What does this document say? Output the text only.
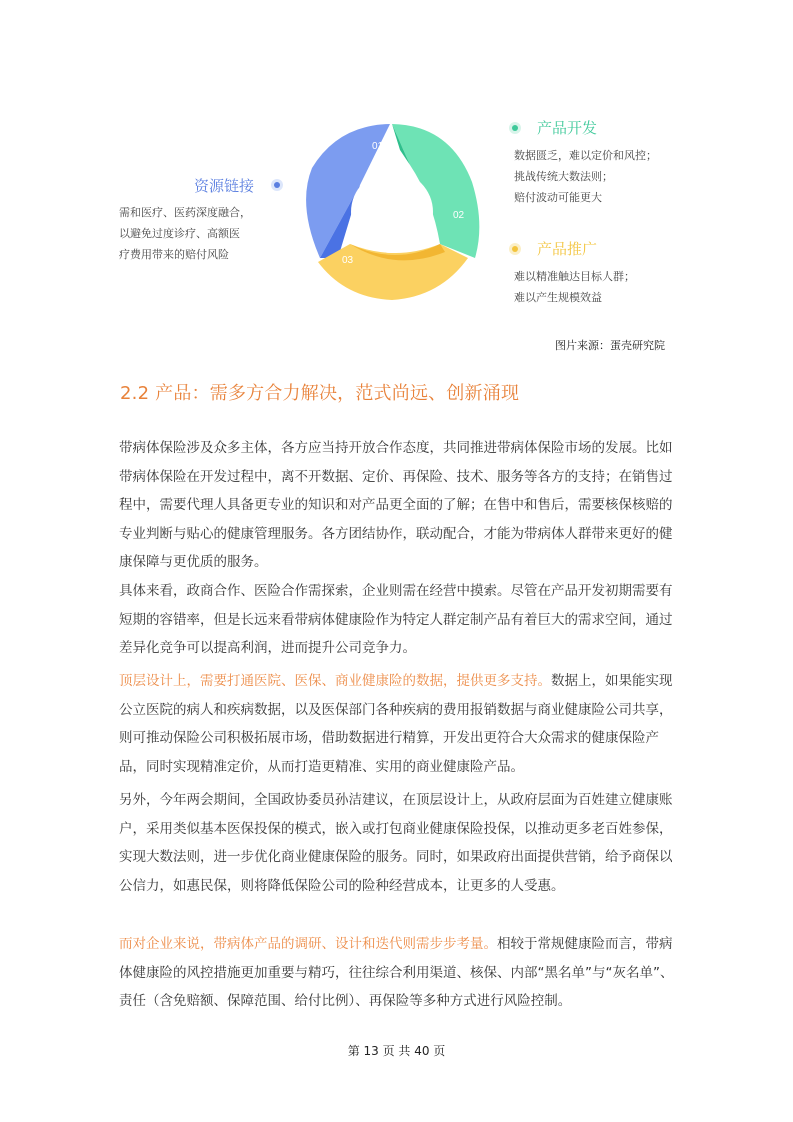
01
02
03
资源链接
需和医疗、医药深度融合，
以避免过度诊疗、高额医
疗费用带来的赔付风险
产品开发
数据匮乏，难以定价和风控；
挑战传统大数法则；
赔付波动可能更大
产品推广
难以精准触达目标人群；
难以产生规模效益
图片来源：蛋壳研究院
2.2 产品：需多方合力解决，范式尚远、创新涌现

带病体保险涉及众多主体，各方应当持开放合作态度，共同推进带病体保险市场的发展。比如带病体保险在开发过程中，离不开数据、定价、再保险、技术、服务等各方的支持；在销售过程中，需要代理人具备更专业的知识和对产品更全面的了解；在售中和售后，需要核保核赔的专业判断与贴心的健康管理服务。各方团结协作，联动配合，才能为带病体人群带来更好的健康保障与更优质的服务。

具体来看，政商合作、医险合作需探索，企业则需在经营中摸索。尽管在产品开发初期需要有短期的容错率，但是长远来看带病体健康险作为特定人群定制产品有着巨大的需求空间，通过差异化竞争可以提高利润，进而提升公司竞争力。

顶层设计上，需要打通医院、医保、商业健康险的数据，提供更多支持。数据上，如果能实现公立医院的病人和疾病数据，以及医保部门各种疾病的费用报销数据与商业健康险公司共享，则可推动保险公司积极拓展市场，借助数据进行精算，开发出更符合大众需求的健康保险产品，同时实现精准定价，从而打造更精准、实用的商业健康险产品。

另外，今年两会期间，全国政协委员孙洁建议，在顶层设计上，从政府层面为百姓建立健康账户，采用类似基本医保投保的模式，嵌入或打包商业健康保险投保，以推动更多老百姓参保，实现大数法则，进一步优化商业健康保险的服务。同时，如果政府出面提供营销，给予商保以公信力，如惠民保，则将降低保险公司的险种经营成本，让更多的人受惠。

而对企业来说，带病体产品的调研、设计和迭代则需步步考量。相较于常规健康险而言，带病体健康险的风控措施更加重要与精巧，往往综合利用渠道、核保、内部“黑名单”与“灰名单”、责任（含免赔额、保障范围、给付比例）、再保险等多种方式进行风险控制。

第 13 页 共 40 页
